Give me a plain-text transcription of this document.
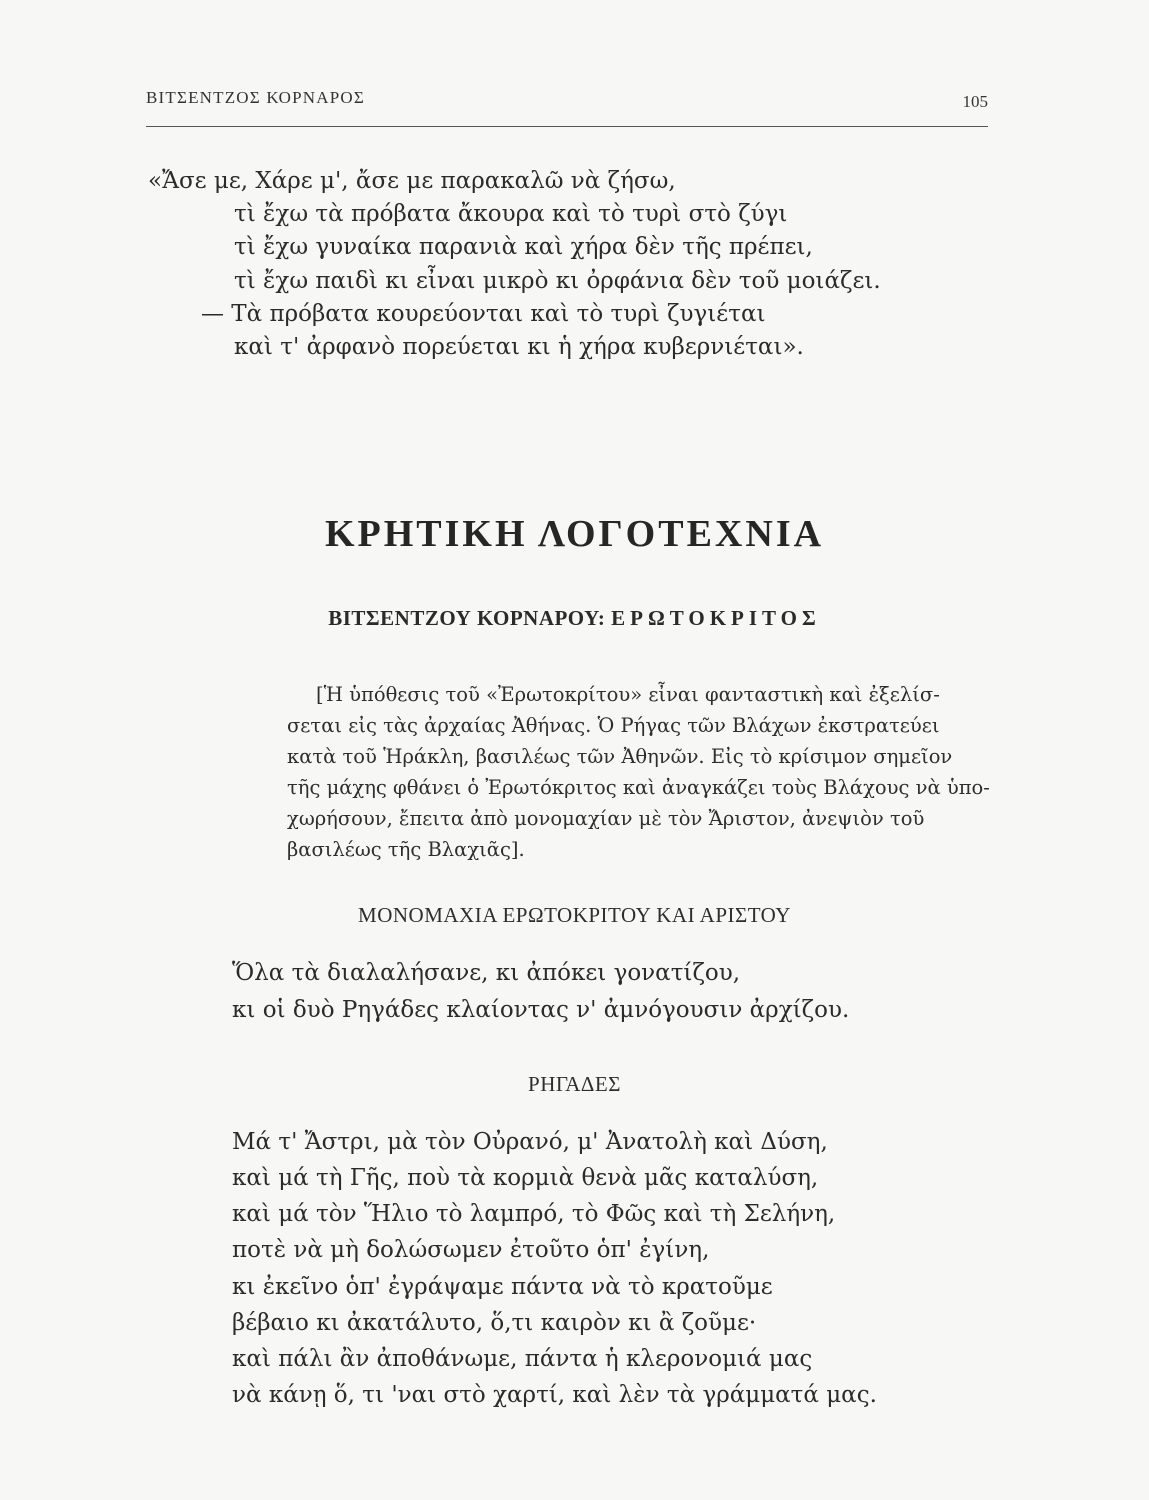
ΒΙΤΣΕΝΤΖΟΣ ΚΟΡΝΑΡΟΣ	105
«Ἄσε με, Χάρε μ', ἄσε με παρακαλῶ νὰ ζήσω,
τὶ ἔχω τὰ πρόβατα ἄκουρα καὶ τὸ τυρὶ στὸ ζύγι
τὶ ἔχω γυναίκα παρανιὰ καὶ χήρα δὲν τῆς πρέπει,
τὶ ἔχω παιδὶ κι εἶναι μικρὸ κι ὀρφάνια δὲν τοῦ μοιάζει.
— Τὰ πρόβατα κουρεύονται καὶ τὸ τυρὶ ζυγιέται
καὶ τ' ἀρφανὸ πορεύεται κι ἡ χήρα κυβερνιέται».
ΚΡΗΤΙΚΗ ΛΟΓΟΤΕΧΝΙΑ
ΒΙΤΣΕΝΤΖΟΥ ΚΟΡΝΑΡΟΥ: ΕΡΩΤΟΚΡΙΤΟΣ
[Ἡ ὑπόθεσις τοῦ «Ἐρωτοκρίτου» εἶναι φανταστικὴ καὶ ἐξελίσ-
σεται εἰς τὰς ἀρχαίας Ἀθήνας. Ὁ Ρήγας τῶν Βλάχων ἐκστρατεύει
κατὰ τοῦ Ἡράκλη, βασιλέως τῶν Ἀθηνῶν. Εἰς τὸ κρίσιμον σημεῖον
τῆς μάχης φθάνει ὁ Ἐρωτόκριτος καὶ ἀναγκάζει τοὺς Βλάχους νὰ ὑπο-
χωρήσουν, ἔπειτα ἀπὸ μονομαχίαν μὲ τὸν Ἄριστον, ἀνεψιὸν τοῦ
βασιλέως τῆς Βλαχιᾶς].
ΜΟΝΟΜΑΧΙΑ ΕΡΩΤΟΚΡΙΤΟΥ ΚΑΙ ΑΡΙΣΤΟΥ
Ὅλα τὰ διαλαλήσανε, κι ἀπόκει γονατίζου,
κι οἱ δυὸ Ρηγάδες κλαίοντας ν' ἀμνόγουσιν ἀρχίζου.
ΡΗΓΑΔΕΣ
Μά τ' Ἄστρι, μὰ τὸν Οὐρανό, μ' Ἀνατολὴ καὶ Δύση,
καὶ μά τὴ Γῆς, ποὺ τὰ κορμιὰ θενὰ μᾶς καταλύση,
καὶ μά τὸν Ἥλιο τὸ λαμπρό, τὸ Φῶς καὶ τὴ Σελήνη,
ποτὲ νὰ μὴ δολώσωμεν ἐτοῦτο ὁπ' ἐγίνη,
κι ἐκεῖνο ὁπ' ἐγράψαμε πάντα νὰ τὸ κρατοῦμε
βέβαιο κι ἀκατάλυτο, ὅ,τι καιρὸν κι ἂ ζοῦμε·
καὶ πάλι ἂν ἀποθάνωμε, πάντα ἡ κλερονομιά μας
νὰ κάνῃ ὅ, τι 'ναι στὸ χαρτί, καὶ λὲν τὰ γράμματά μας.
